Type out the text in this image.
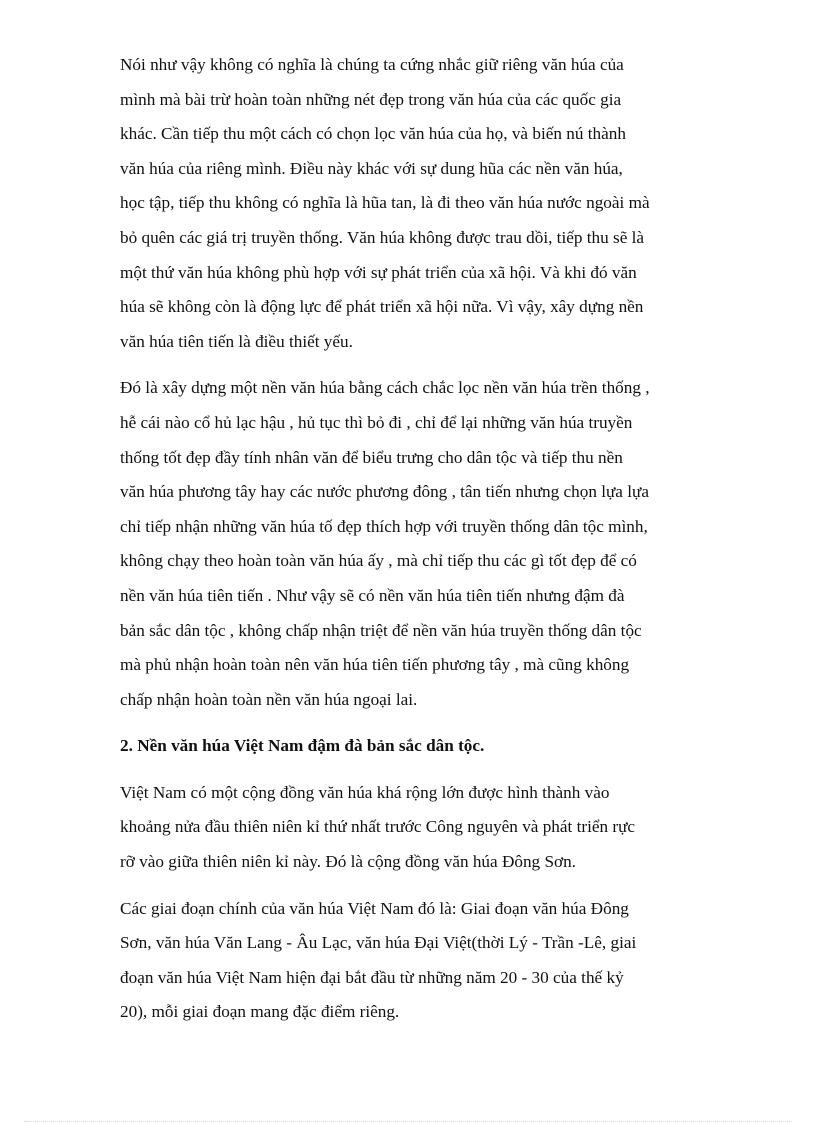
Nói như vậy không có nghĩa là chúng ta cứng nhắc giữ riêng văn húa của
mình mà bài trừ hoàn toàn những nét đẹp trong văn húa của các quốc gia
khác. Cần tiếp thu một cách có chọn lọc văn húa của họ, và biến nú thành
văn húa của riêng mình. Điều này khác với sự dung hũa các nền văn húa,
học tập, tiếp thu không có nghĩa là hũa tan, là đi theo văn húa nước ngoài mà
bỏ quên các giá trị truyền thống. Văn húa không được trau dồi, tiếp thu sẽ là
một thứ văn húa không phù hợp với sự phát triển của xã hội. Và khi đó văn
húa sẽ không còn là động lực để phát triển xã hội nữa. Vì vậy, xây dựng nền
văn húa tiên tiến là điều thiết yếu.

Đó là xây dựng một nền văn húa bằng cách chắc lọc nền văn húa trền thống ,
hễ cái nào cổ hủ lạc hậu , hủ tục thì bỏ đi , chỉ để lại những văn húa truyền
thống tốt đẹp đầy tính nhân văn để biểu trưng cho dân tộc và tiếp thu nền
văn húa phương tây hay các nước phương đông , tân tiến nhưng chọn lựa lựa
chỉ tiếp nhận những văn húa tố đẹp thích hợp với truyền thống dân tộc mình,
không chạy theo hoàn toàn văn húa ấy , mà chỉ tiếp thu các gì tốt đẹp để có
nền văn húa tiên tiến . Như vậy sẽ có nền văn húa tiên tiến nhưng đậm đà
bản sắc dân tộc , không chấp nhận triệt để nền văn húa truyền thống dân tộc
mà phủ nhận hoàn toàn nên văn húa tiên tiến phương tây , mà cũng không
chấp nhận hoàn toàn nền văn húa ngoại lai.

2. Nền văn húa Việt Nam đậm đà bản sắc dân tộc.

Việt Nam có một cộng đồng văn húa khá rộng lớn được hình thành vào
khoảng nửa đầu thiên niên kỉ thứ nhất trước Công nguyên và phát triển rực
rỡ vào giữa thiên niên kỉ này. Đó là cộng đồng văn húa Đông Sơn.

Các giai đoạn chính của văn húa Việt Nam đó là: Giai đoạn văn húa Đông
Sơn, văn húa Văn Lang - Âu Lạc, văn húa Đại Việt(thời Lý - Trần -Lê, giai
đoạn văn húa Việt Nam hiện đại bắt đầu từ những năm 20 - 30 của thế kỷ
20), mỗi giai đoạn mang đặc điểm riêng.
